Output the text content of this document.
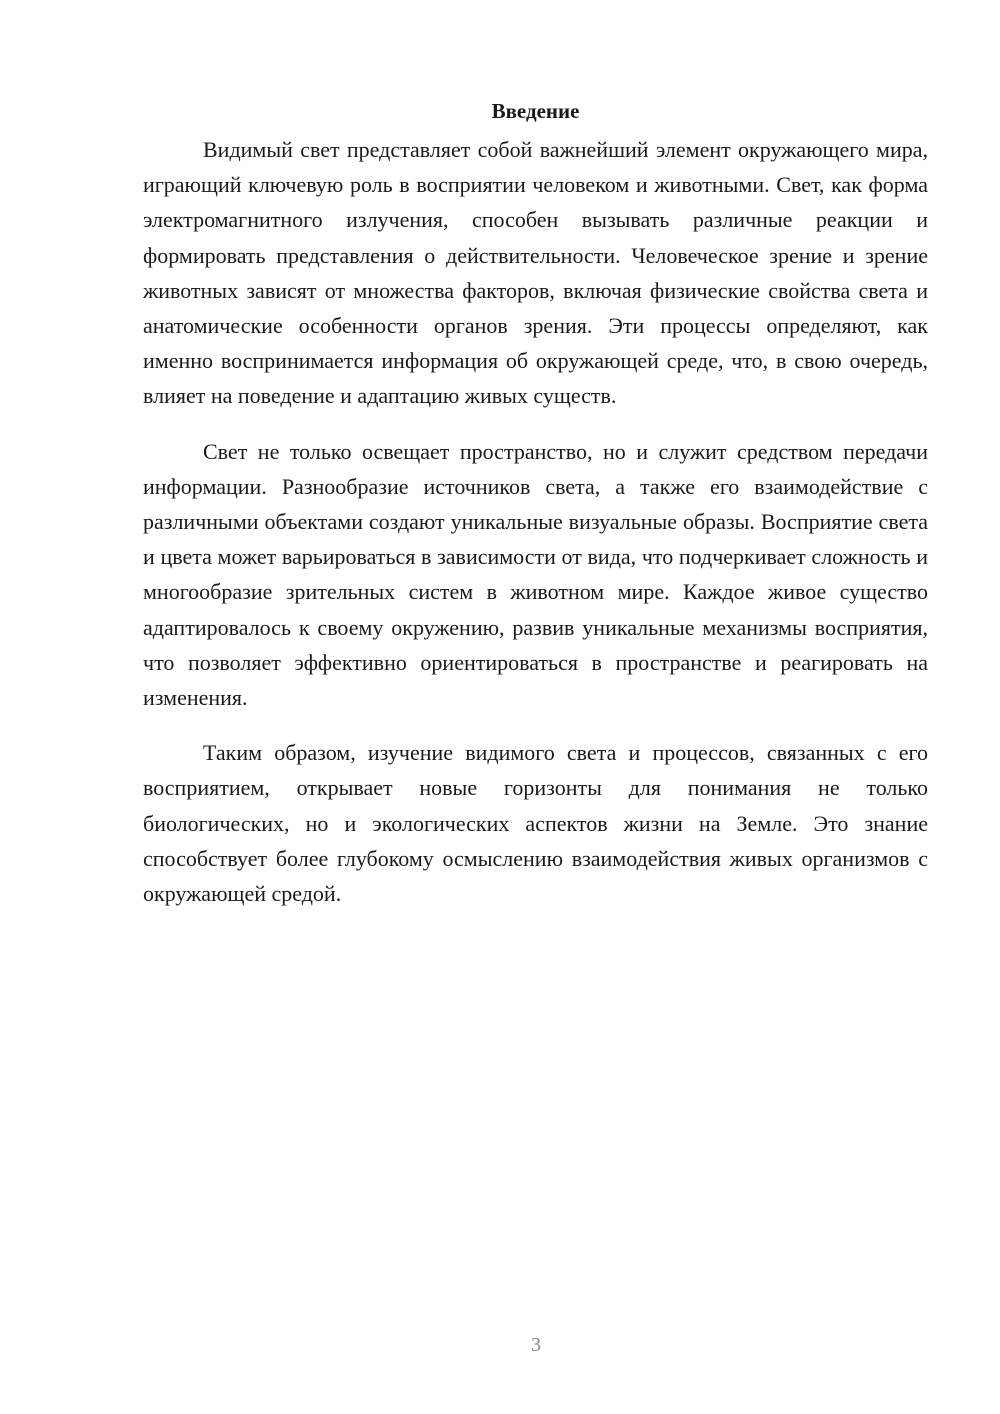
Введение

Видимый свет представляет собой важнейший элемент окружающего мира, играющий ключевую роль в восприятии человеком и животными. Свет, как форма электромагнитного излучения, способен вызывать различные реакции и формировать представления о действительности. Человеческое зрение и зрение животных зависят от множества факторов, включая физические свойства света и анатомические особенности органов зрения. Эти процессы определяют, как именно воспринимается информация об окружающей среде, что, в свою очередь, влияет на поведение и адаптацию живых существ.

Свет не только освещает пространство, но и служит средством передачи информации. Разнообразие источников света, а также его взаимодействие с различными объектами создают уникальные визуальные образы. Восприятие света и цвета может варьироваться в зависимости от вида, что подчеркивает сложность и многообразие зрительных систем в животном мире. Каждое живое существо адаптировалось к своему окружению, развив уникальные механизмы восприятия, что позволяет эффективно ориентироваться в пространстве и реагировать на изменения.

Таким образом, изучение видимого света и процессов, связанных с его восприятием, открывает новые горизонты для понимания не только биологических, но и экологических аспектов жизни на Земле. Это знание способствует более глубокому осмыслению взаимодействия живых организмов с окружающей средой.

3
